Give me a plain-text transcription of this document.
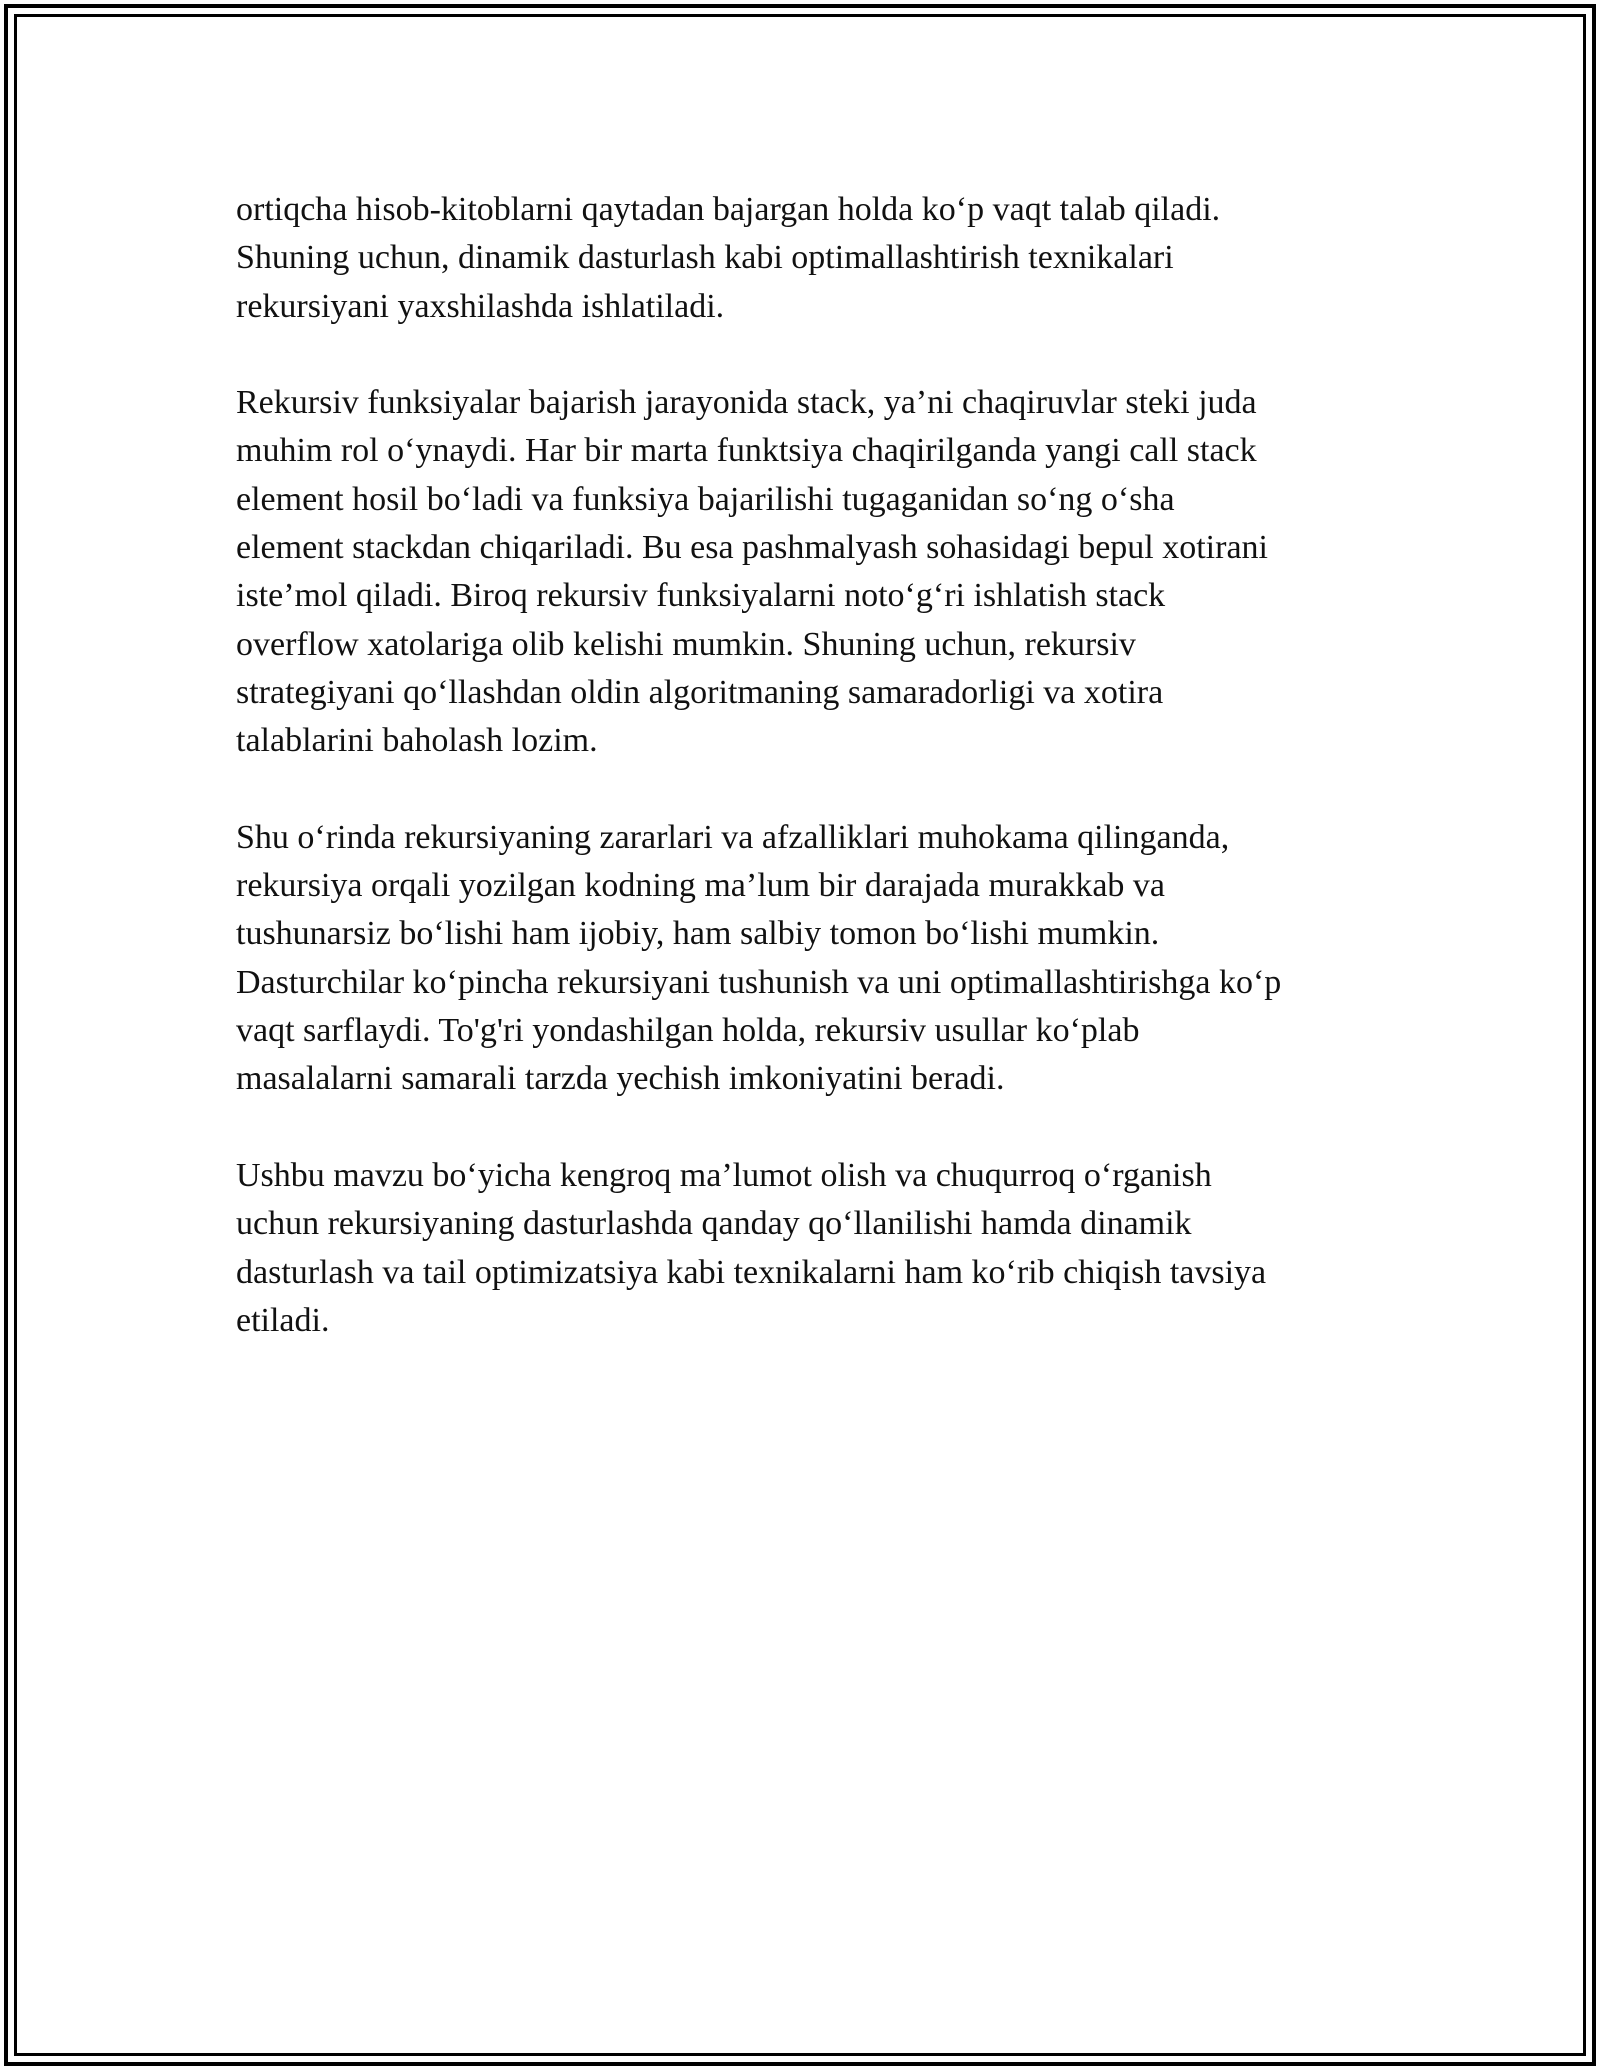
ortiqcha hisob-kitoblarni qaytadan bajargan holda ko‘p vaqt talab qiladi.
Shuning uchun, dinamik dasturlash kabi optimallashtirish texnikalari
rekursiyani yaxshilashda ishlatiladi.

Rekursiv funksiyalar bajarish jarayonida stack, ya’ni chaqiruvlar steki juda
muhim rol o‘ynaydi. Har bir marta funktsiya chaqirilganda yangi call stack
element hosil bo‘ladi va funksiya bajarilishi tugaganidan so‘ng o‘sha
element stackdan chiqariladi. Bu esa pashmalyash sohasidagi bepul xotirani
iste’mol qiladi. Biroq rekursiv funksiyalarni noto‘g‘ri ishlatish stack
overflow xatolariga olib kelishi mumkin. Shuning uchun, rekursiv
strategiyani qo‘llashdan oldin algoritmaning samaradorligi va xotira
talablarini baholash lozim.

Shu o‘rinda rekursiyaning zararlari va afzalliklari muhokama qilinganda,
rekursiya orqali yozilgan kodning ma’lum bir darajada murakkab va
tushunarsiz bo‘lishi ham ijobiy, ham salbiy tomon bo‘lishi mumkin.
Dasturchilar ko‘pincha rekursiyani tushunish va uni optimallashtirishga ko‘p
vaqt sarflaydi. To'g'ri yondashilgan holda, rekursiv usullar ko‘plab
masalalarni samarali tarzda yechish imkoniyatini beradi.

Ushbu mavzu bo‘yicha kengroq ma’lumot olish va chuqurroq o‘rganish
uchun rekursiyaning dasturlashda qanday qo‘llanilishi hamda dinamik
dasturlash va tail optimizatsiya kabi texnikalarni ham ko‘rib chiqish tavsiya
etiladi.
